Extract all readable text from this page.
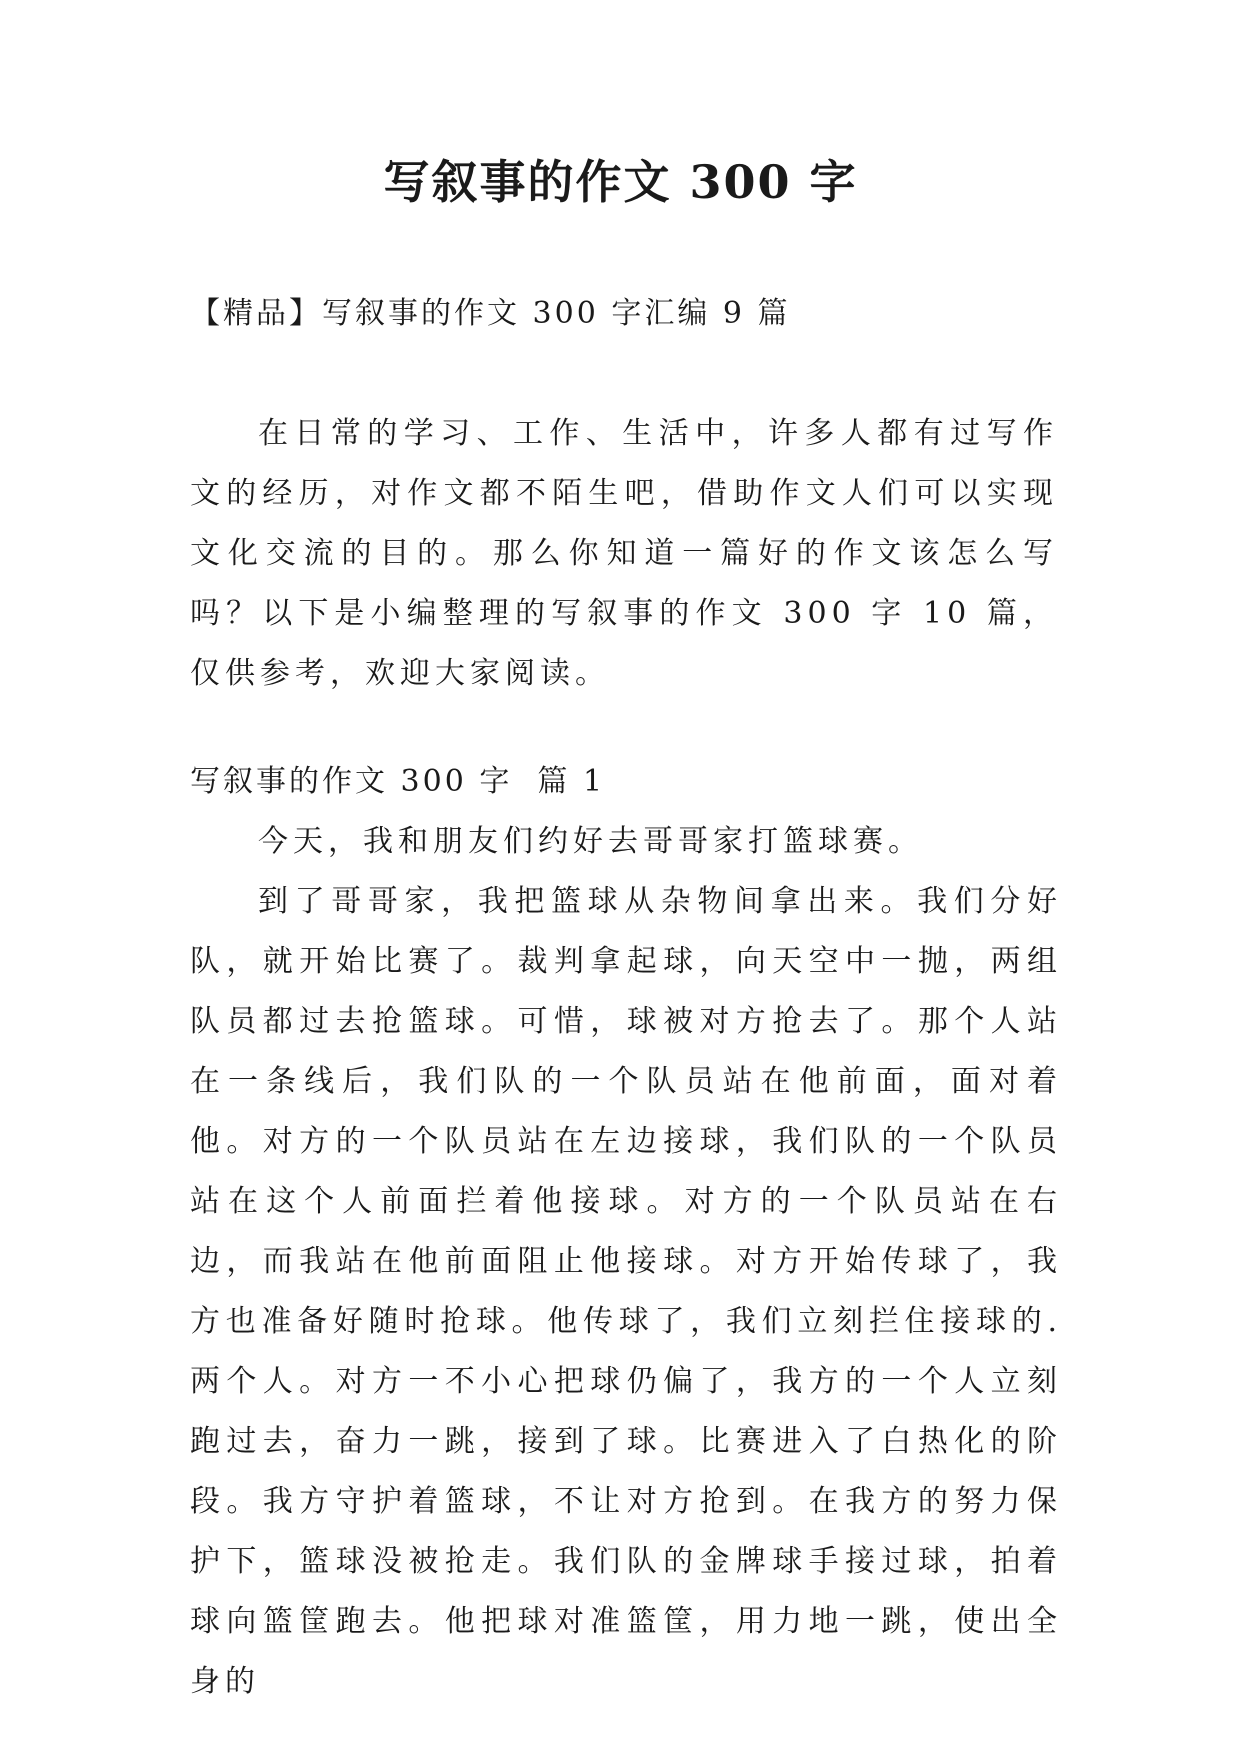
写叙事的作文 300 字

【精品】写叙事的作文 300 字汇编 9 篇

在日常的学习、工作、生活中，许多人都有过写作文的经历，对作文都不陌生吧，借助作文人们可以实现文化交流的目的。那么你知道一篇好的作文该怎么写吗？以下是小编整理的写叙事的作文 300 字 10 篇，仅供参考，欢迎大家阅读。

写叙事的作文 300 字  篇 1

今天，我和朋友们约好去哥哥家打篮球赛。

到了哥哥家，我把篮球从杂物间拿出来。我们分好队，就开始比赛了。裁判拿起球，向天空中一抛，两组队员都过去抢篮球。可惜，球被对方抢去了。那个人站在一条线后，我们队的一个队员站在他前面，面对着他。对方的一个队员站在左边接球，我们队的一个队员站在这个人前面拦着他接球。对方的一个队员站在右边，而我站在他前面阻止他接球。对方开始传球了，我方也准备好随时抢球。他传球了，我们立刻拦住接球的.两个人。对方一不小心把球仍偏了，我方的一个人立刻跑过去，奋力一跳，接到了球。比赛进入了白热化的阶段。我方守护着篮球，不让对方抢到。在我方的努力保护下，篮球没被抢走。我们队的金牌球手接过球，拍着球向篮筐跑去。他把球对准篮筐，用力地一跳，使出全身的
